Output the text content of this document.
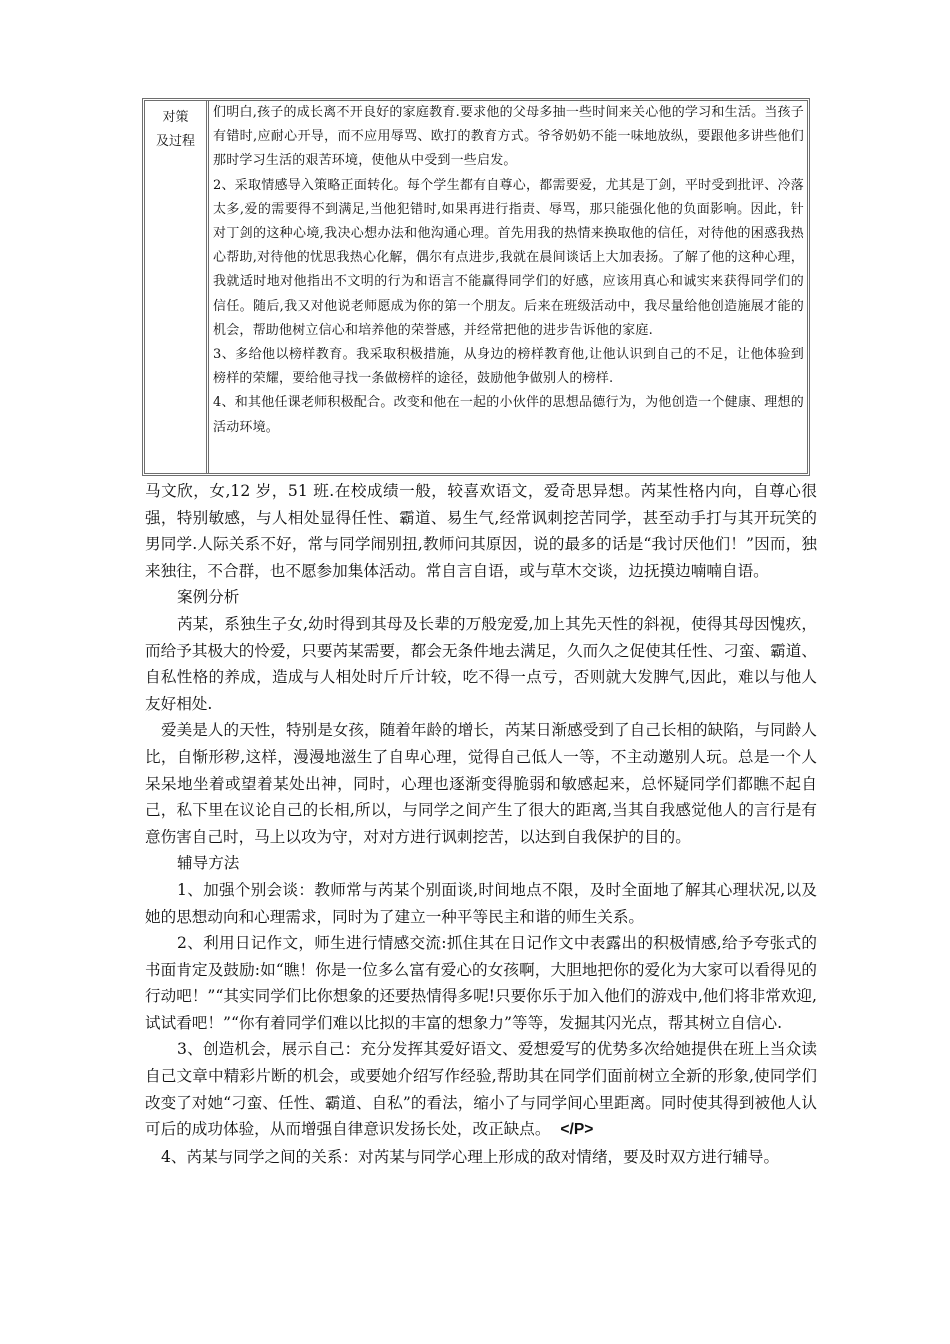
对策
及过程

们明白,孩子的成长离不开良好的家庭教育.要求他的父母多抽一些时间来关心他的学习和生活。当孩子有错时,应耐心开导，而不应用辱骂、欧打的教育方式。爷爷奶奶不能一味地放纵，要跟他多讲些他们那时学习生活的艰苦环境，使他从中受到一些启发。

2、采取情感导入策略正面转化。每个学生都有自尊心，都需要爱，尤其是丁剑，平时受到批评、冷落太多,爱的需要得不到满足,当他犯错时,如果再进行指责、辱骂，那只能强化他的负面影响。因此，针对丁剑的这种心境,我决心想办法和他沟通心理。首先用我的热情来换取他的信任，对待他的困惑我热心帮助,对待他的忧思我热心化解，偶尔有点进步,我就在晨间谈话上大加表扬。了解了他的这种心理，我就适时地对他指出不文明的行为和语言不能赢得同学们的好感，应该用真心和诚实来获得同学们的信任。随后,我又对他说老师愿成为你的第一个朋友。后来在班级活动中，我尽量给他创造施展才能的机会，帮助他树立信心和培养他的荣誉感，并经常把他的进步告诉他的家庭.

3、多给他以榜样教育。我采取积极措施，从身边的榜样教育他,让他认识到自己的不足，让他体验到榜样的荣耀，要给他寻找一条做榜样的途径，鼓励他争做别人的榜样.

4、和其他任课老师积极配合。改变和他在一起的小伙伴的思想品德行为，为他创造一个健康、理想的活动环境。

马文欣，女,12 岁，51 班.在校成绩一般，较喜欢语文，爱奇思异想。芮某性格内向，自尊心很强，特别敏感，与人相处显得任性、霸道、易生气,经常讽刺挖苦同学，甚至动手打与其开玩笑的男同学.人际关系不好，常与同学闹别扭,教师问其原因，说的最多的话是“我讨厌他们！”因而，独来独往，不合群，也不愿参加集体活动。常自言自语，或与草木交谈，边抚摸边喃喃自语。

案例分析

芮某，系独生子女,幼时得到其母及长辈的万般宠爱,加上其先天性的斜视，使得其母因愧疚，而给予其极大的怜爱，只要芮某需要，都会无条件地去满足，久而久之促使其任性、刁蛮、霸道、自私性格的养成，造成与人相处时斤斤计较，吃不得一点亏，否则就大发脾气,因此，难以与他人友好相处.

爱美是人的天性，特别是女孩，随着年龄的增长，芮某日渐感受到了自己长相的缺陷，与同龄人比，自惭形秽,这样，漫漫地滋生了自卑心理，觉得自己低人一等，不主动邀别人玩。总是一个人呆呆地坐着或望着某处出神，同时，心理也逐渐变得脆弱和敏感起来，总怀疑同学们都瞧不起自己，私下里在议论自己的长相,所以，与同学之间产生了很大的距离,当其自我感觉他人的言行是有意伤害自己时，马上以攻为守，对对方进行讽刺挖苦，以达到自我保护的目的。

辅导方法

1、加强个别会谈：教师常与芮某个别面谈,时间地点不限，及时全面地了解其心理状况,以及她的思想动向和心理需求，同时为了建立一种平等民主和谐的师生关系。

2、利用日记作文，师生进行情感交流:抓住其在日记作文中表露出的积极情感,给予夸张式的书面肯定及鼓励:如“瞧！你是一位多么富有爱心的女孩啊，大胆地把你的爱化为大家可以看得见的行动吧！”“其实同学们比你想象的还要热情得多呢!只要你乐于加入他们的游戏中,他们将非常欢迎,试试看吧！”“你有着同学们难以比拟的丰富的想象力”等等，发掘其闪光点，帮其树立自信心.

3、创造机会，展示自己：充分发挥其爱好语文、爱想爱写的优势多次给她提供在班上当众读自己文章中精彩片断的机会，或要她介绍写作经验,帮助其在同学们面前树立全新的形象,使同学们改变了对她“刁蛮、任性、霸道、自私”的看法，缩小了与同学间心里距离。同时使其得到被他人认可后的成功体验，从而增强自律意识发扬长处，改正缺点。 </P>

4、芮某与同学之间的关系：对芮某与同学心理上形成的敌对情绪，要及时双方进行辅导。
